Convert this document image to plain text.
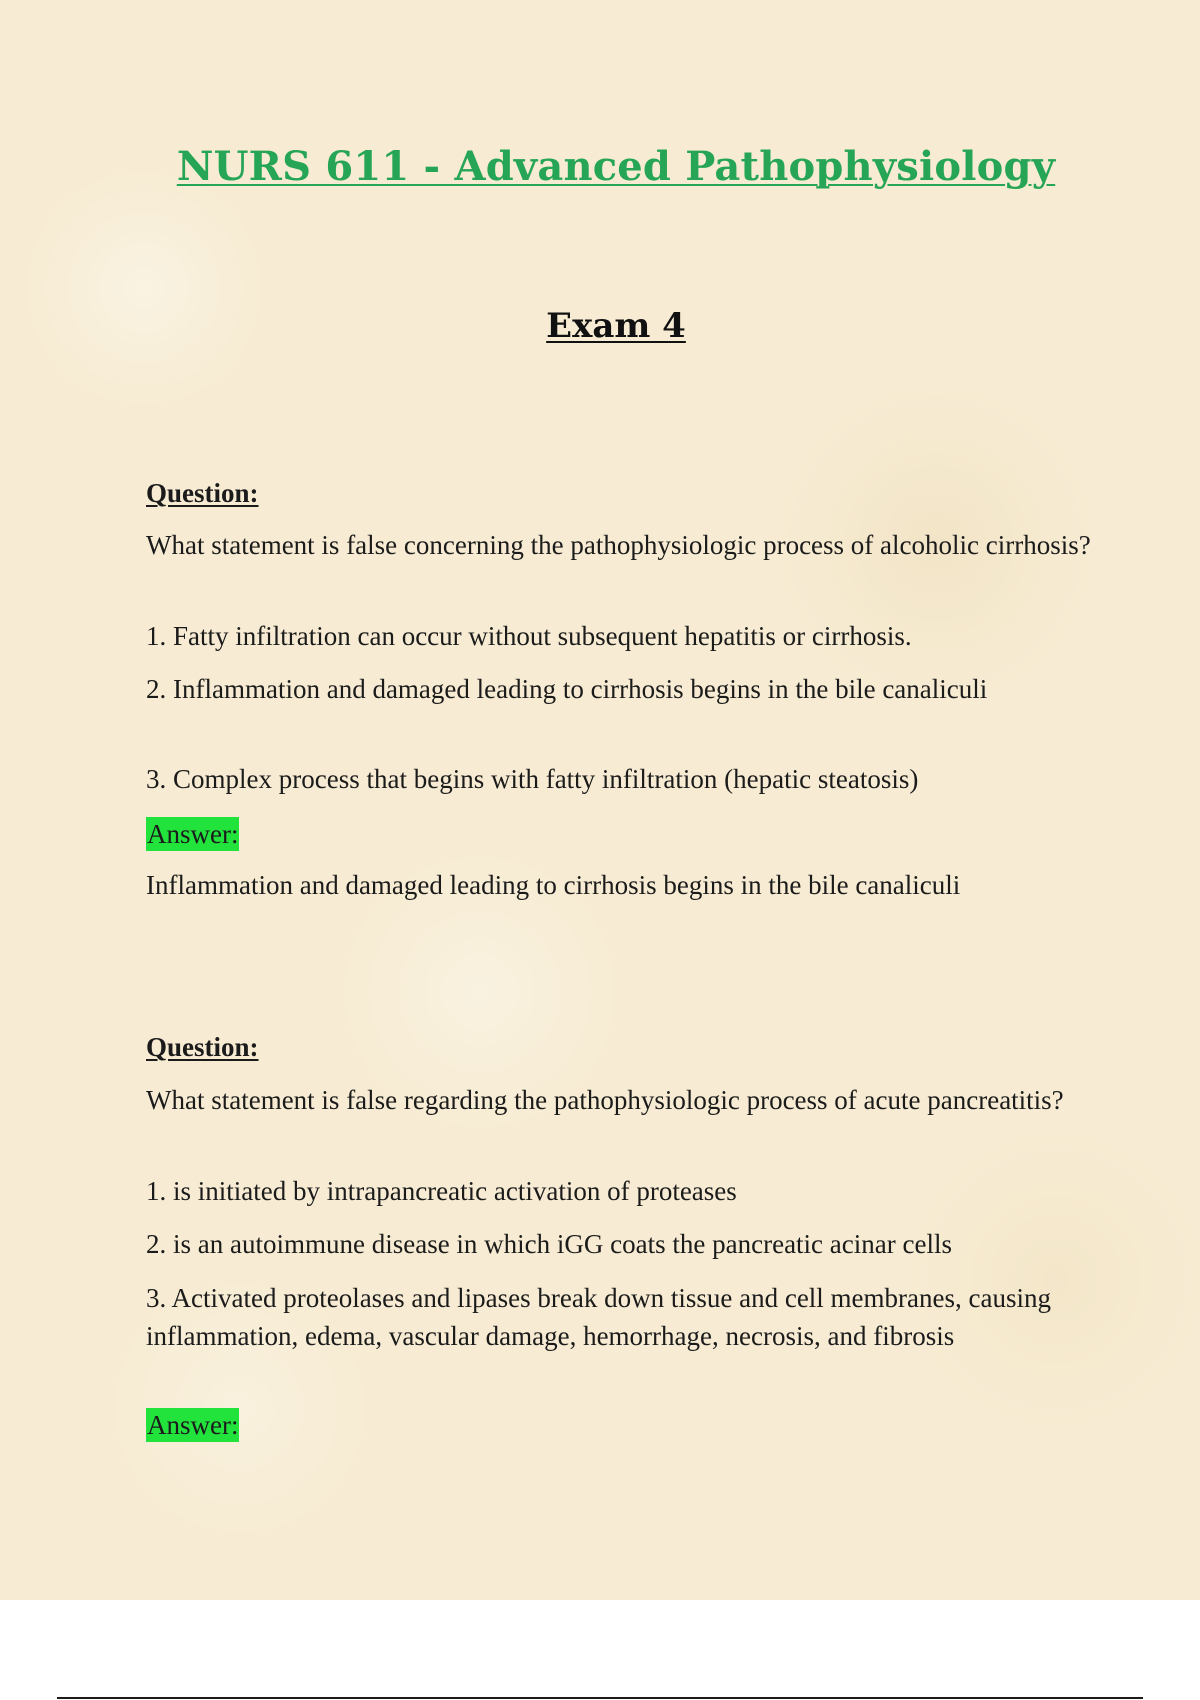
NURS 611 - Advanced Pathophysiology
Exam 4
Question:

What statement is false concerning the pathophysiologic process of alcoholic cirrhosis?

1. Fatty infiltration can occur without subsequent hepatitis or cirrhosis.

2. Inflammation and damaged leading to cirrhosis begins in the bile canaliculi

3. Complex process that begins with fatty infiltration (hepatic steatosis)

Answer:

Inflammation and damaged leading to cirrhosis begins in the bile canaliculi

Question:

What statement is false regarding the pathophysiologic process of acute pancreatitis?

1. is initiated by intrapancreatic activation of proteases

2. is an autoimmune disease in which iGG coats the pancreatic acinar cells

3. Activated proteolases and lipases break down tissue and cell membranes, causing inflammation, edema, vascular damage, hemorrhage, necrosis, and fibrosis

Answer:
